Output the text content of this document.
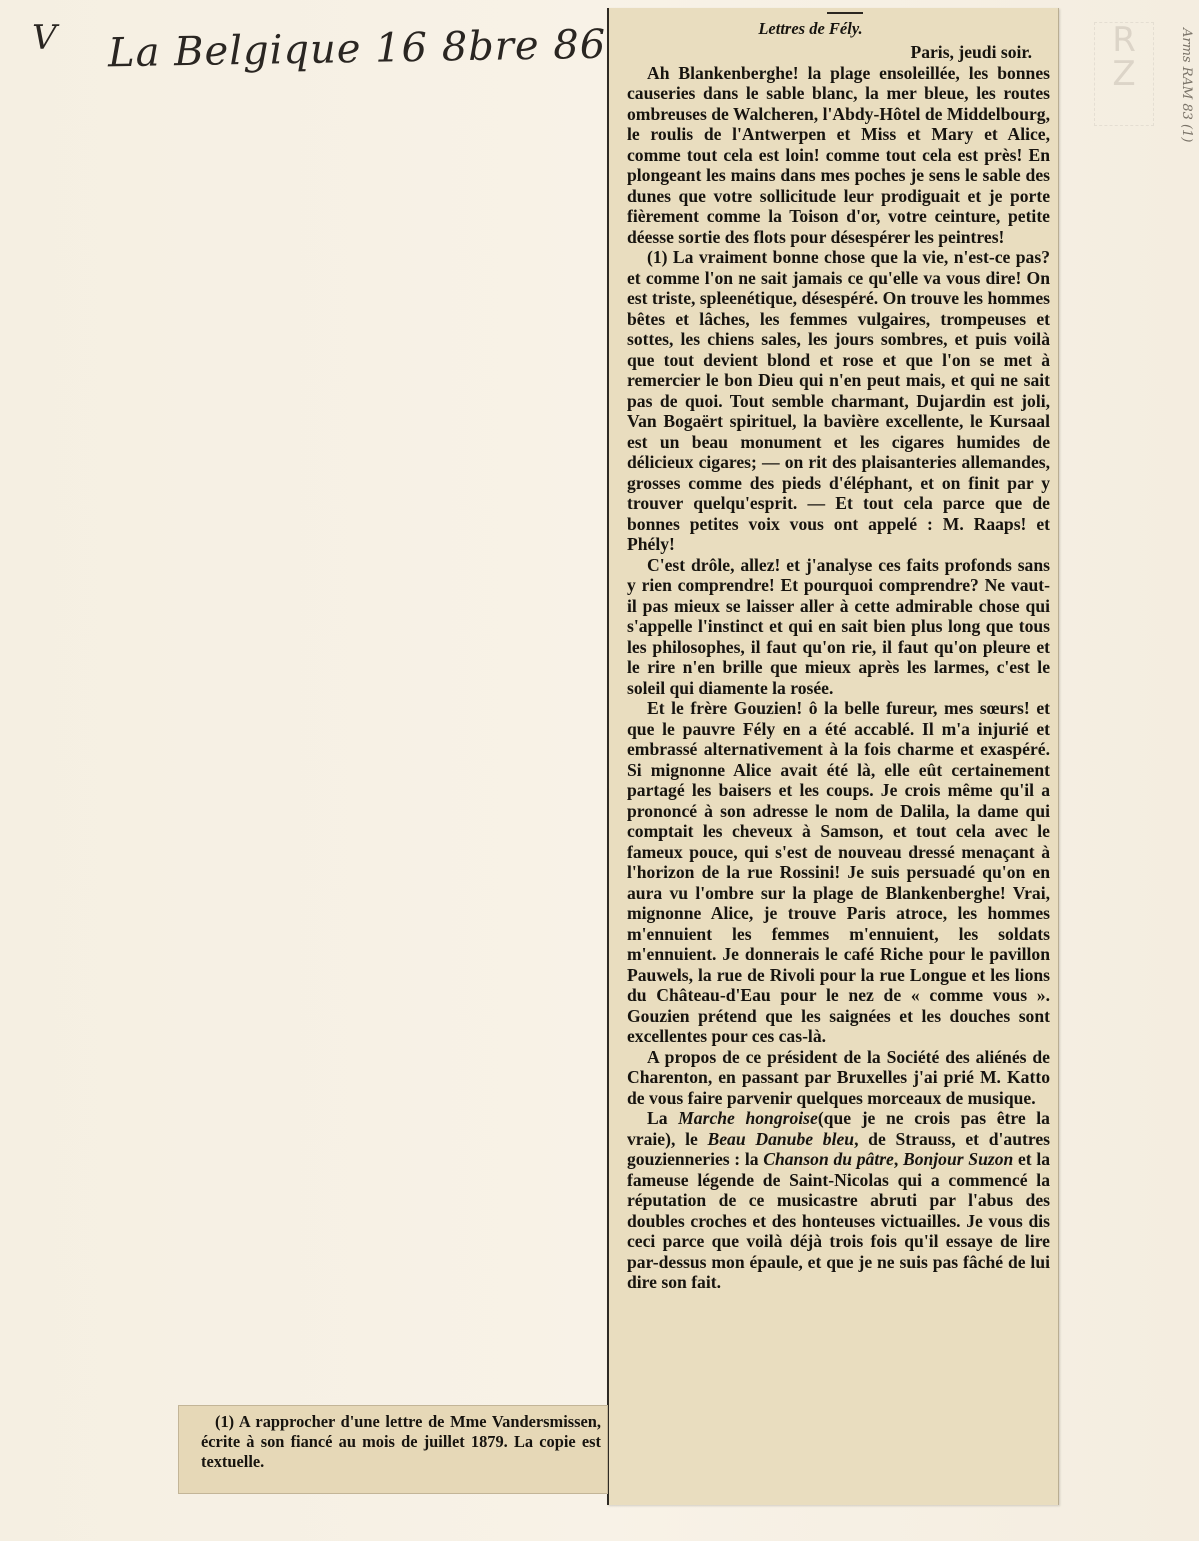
V La Belgique 16 8bre 86	R
Z	Arms RAM 83 (1)
Lettres de Fély.
Paris, jeudi soir.

Ah Blankenberghe! la plage ensoleillée, les bonnes causeries dans le sable blanc, la mer bleue, les routes ombreuses de Walcheren, l'Abdy-Hôtel de Middelbourg, le roulis de l'Antwerpen et Miss et Mary et Alice, comme tout cela est loin! comme tout cela est près! En plongeant les mains dans mes poches je sens le sable des dunes que votre sollicitude leur prodiguait et je porte fièrement comme la Toison d'or, votre ceinture, petite déesse sortie des flots pour désespérer les peintres!

(1) La vraiment bonne chose que la vie, n'est-ce pas? et comme l'on ne sait jamais ce qu'elle va vous dire! On est triste, spleenétique, désespéré. On trouve les hommes bêtes et lâches, les femmes vulgaires, trompeuses et sottes, les chiens sales, les jours sombres, et puis voilà que tout devient blond et rose et que l'on se met à remercier le bon Dieu qui n'en peut mais, et qui ne sait pas de quoi. Tout semble charmant, Dujardin est joli, Van Bogaërt spirituel, la bavière excellente, le Kursaal est un beau monument et les cigares humides de délicieux cigares; — on rit des plaisanteries allemandes, grosses comme des pieds d'éléphant, et on finit par y trouver quelqu'esprit. — Et tout cela parce que de bonnes petites voix vous ont appelé : M. Raaps! et Phély!

C'est drôle, allez! et j'analyse ces faits profonds sans y rien comprendre! Et pourquoi comprendre? Ne vaut-il pas mieux se laisser aller à cette admirable chose qui s'appelle l'instinct et qui en sait bien plus long que tous les philosophes, il faut qu'on rie, il faut qu'on pleure et le rire n'en brille que mieux après les larmes, c'est le soleil qui diamente la rosée.

Et le frère Gouzien! ô la belle fureur, mes sœurs! et que le pauvre Fély en a été accablé. Il m'a injurié et embrassé alternativement à la fois charme et exaspéré. Si mignonne Alice avait été là, elle eût certainement partagé les baisers et les coups. Je crois même qu'il a prononcé à son adresse le nom de Dalila, la dame qui comptait les cheveux à Samson, et tout cela avec le fameux pouce, qui s'est de nouveau dressé menaçant à l'horizon de la rue Rossini! Je suis persuadé qu'on en aura vu l'ombre sur la plage de Blankenberghe! Vrai, mignonne Alice, je trouve Paris atroce, les hommes m'ennuient les femmes m'ennuient, les soldats m'ennuient. Je donnerais le café Riche pour le pavillon Pauwels, la rue de Rivoli pour la rue Longue et les lions du Château-d'Eau pour le nez de « comme vous ». Gouzien prétend que les saignées et les douches sont excellentes pour ces cas-là.

A propos de ce président de la Société des aliénés de Charenton, en passant par Bruxelles j'ai prié M. Katto de vous faire parvenir quelques morceaux de musique.

La Marche hongroise(que je ne crois pas être la vraie), le Beau Danube bleu, de Strauss, et d'autres gouzienneries : la Chanson du pâtre, Bonjour Suzon et la fameuse légende de Saint-Nicolas qui a commencé la réputation de ce musicastre abruti par l'abus des doubles croches et des honteuses victuailles. Je vous dis ceci parce que voilà déjà trois fois qu'il essaye de lire par-dessus mon épaule, et que je ne suis pas fâché de lui dire son fait.

(1) A rapprocher d'une lettre de Mme Vandersmissen, écrite à son fiancé au mois de juillet 1879. La copie est textuelle.
